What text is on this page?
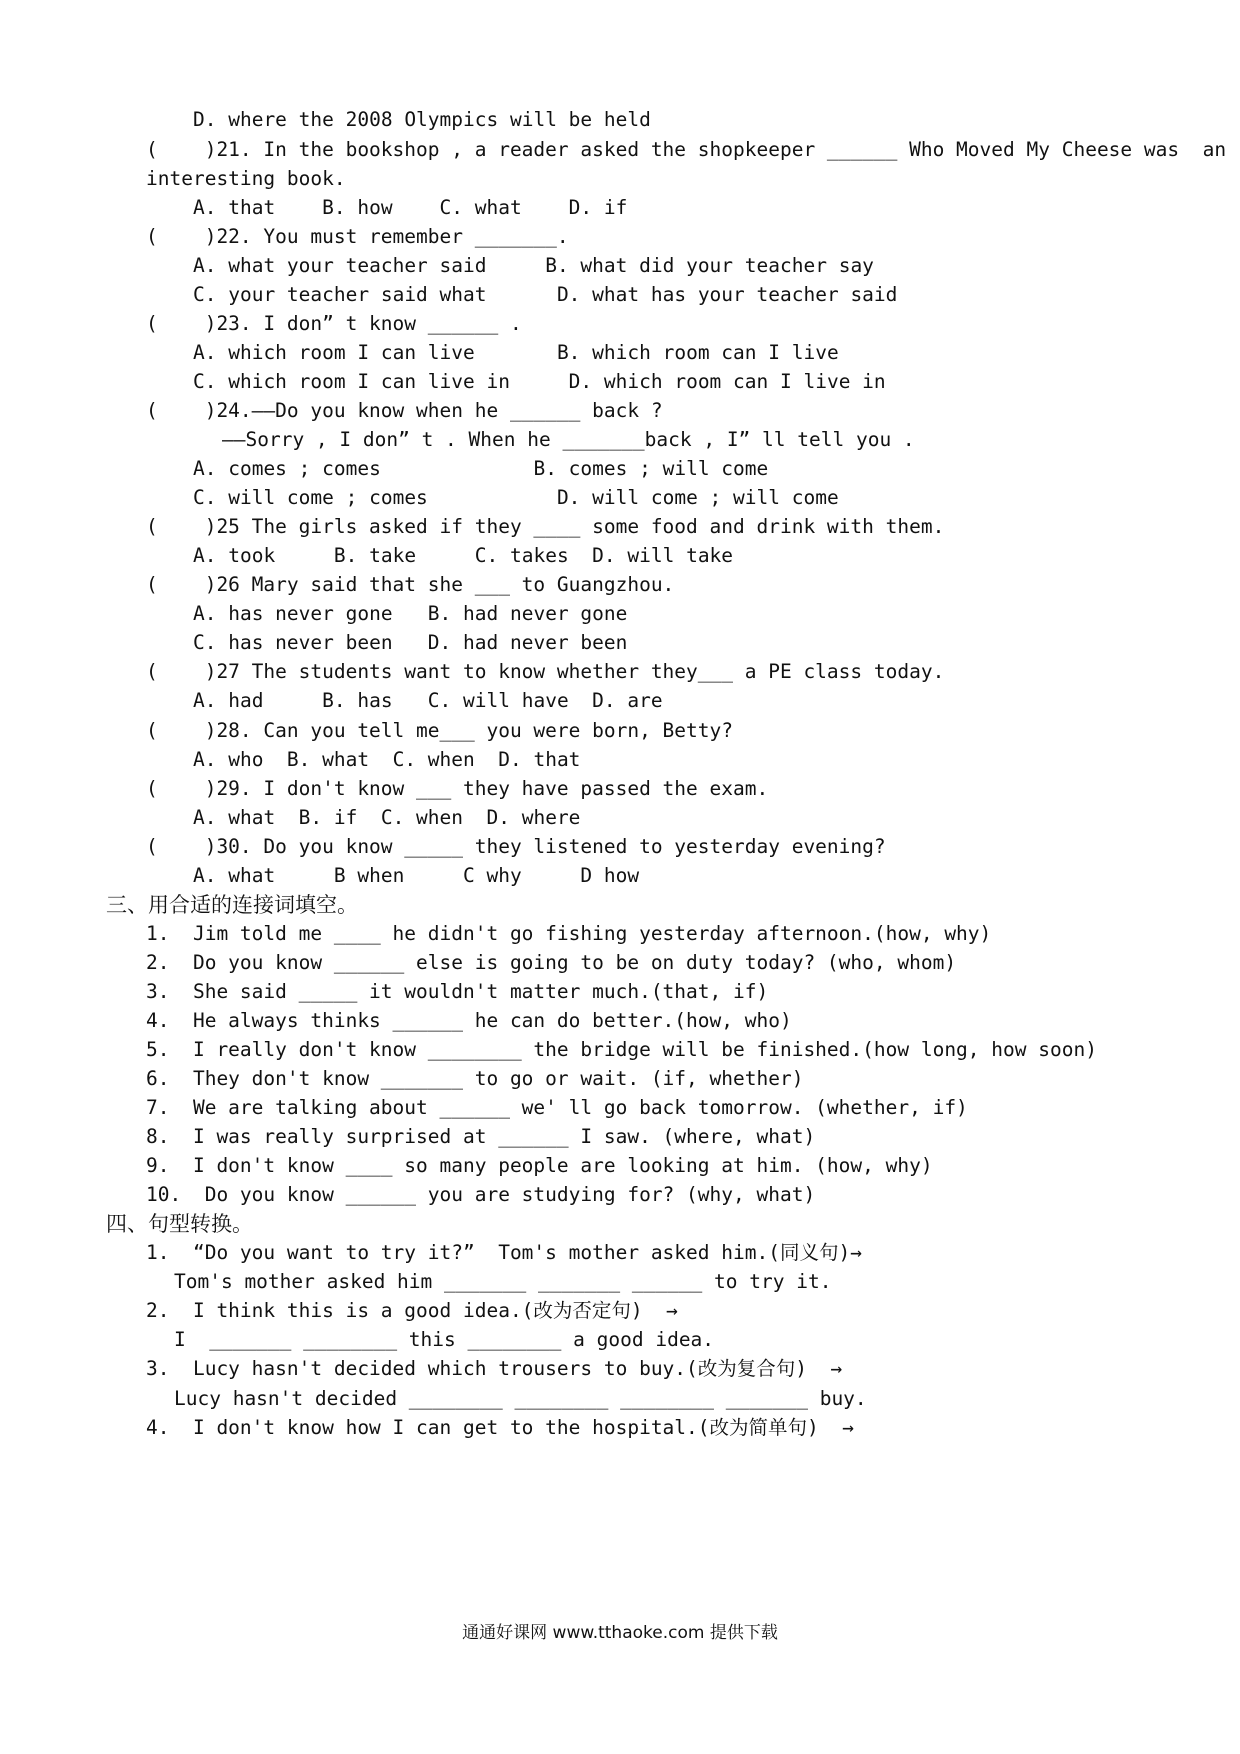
D. where the 2008 Olympics will be held
(    )21. In the bookshop , a reader asked the shopkeeper ______ Who Moved My Cheese was  an
interesting book.
A. that    B. how    C. what    D. if
(    )22. You must remember _______.
A. what your teacher said     B. what did your teacher say
C. your teacher said what      D. what has your teacher said
(    )23. I don” t know ______ .
A. which room I can live       B. which room can I live
C. which room I can live in     D. which room can I live in
(    )24.——Do you know when he ______ back ?
——Sorry , I don” t . When he _______back , I” ll tell you .
A. comes ; comes             B. comes ; will come
C. will come ; comes           D. will come ; will come
(    )25 The girls asked if they ____ some food and drink with them.
A. took     B. take     C. takes  D. will take
(    )26 Mary said that she ___ to Guangzhou.
A. has never gone   B. had never gone
C. has never been   D. had never been
(    )27 The students want to know whether they___ a PE class today.
A. had     B. has   C. will have  D. are
(    )28. Can you tell me___ you were born, Betty?
A. who  B. what  C. when  D. that
(    )29. I don't know ___ they have passed the exam.
A. what  B. if  C. when  D. where
(    )30. Do you know _____ they listened to yesterday evening?
A. what     B when     C why     D how
三、用合适的连接词填空。
1.  Jim told me ____ he didn't go fishing yesterday afternoon.(how, why)
2.  Do you know ______ else is going to be on duty today? (who, whom)
3.  She said _____ it wouldn't matter much.(that, if)
4.  He always thinks ______ he can do better.(how, who)
5.  I really don't know ________ the bridge will be finished.(how long, how soon)
6.  They don't know _______ to go or wait. (if, whether)
7.  We are talking about ______ we' ll go back tomorrow. (whether, if)
8.  I was really surprised at ______ I saw. (where, what)
9.  I don't know ____ so many people are looking at him. (how, why)
10.  Do you know ______ you are studying for? (why, what)
四、句型转换。
1.  “Do you want to try it?”  Tom's mother asked him.(同义句)→
Tom's mother asked him _______ _______ ______ to try it.
2.  I think this is a good idea.(改为否定句)  →
I  _______ ________ this ________ a good idea.
3.  Lucy hasn't decided which trousers to buy.(改为复合句)  →
Lucy hasn't decided ________ ________ ________ _______ buy.
4.  I don't know how I can get to the hospital.(改为简单句)  →
通通好课网 www.tthaoke.com 提供下载
